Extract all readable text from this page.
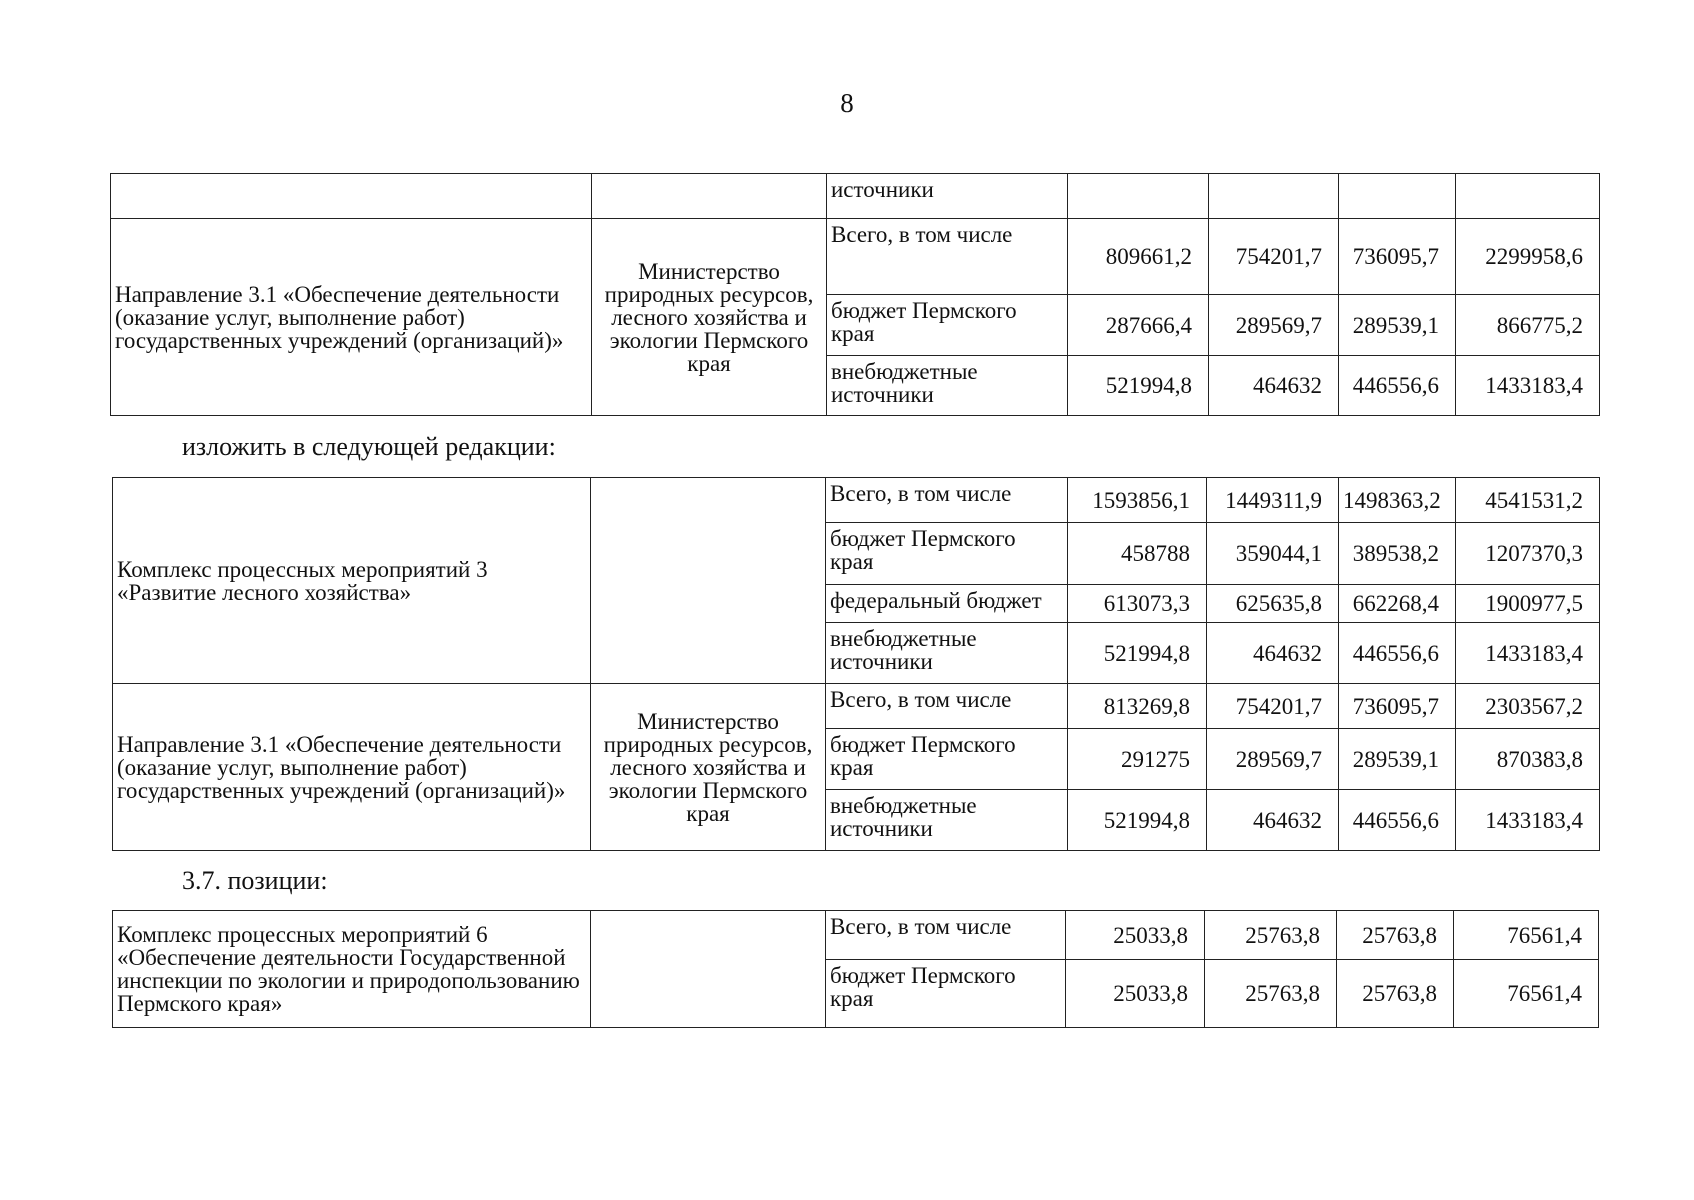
8
		источники				
Направление 3.1 «Обеспечение деятельности (оказание услуг, выполнение работ) государственных учреждений (организаций)»	Министерство природных ресурсов, лесного хозяйства и экологии Пермского края	Всего, в том числе	809661,2	754201,7	736095,7	2299958,6
		бюджет Пермского края	287666,4	289569,7	289539,1	866775,2
		внебюджетные источники	521994,8	464632	446556,6	1433183,4
изложить в следующей редакции:
Комплекс процессных мероприятий 3 «Развитие лесного хозяйства»		Всего, в том числе	1593856,1	1449311,9	1498363,2	4541531,2
		бюджет Пермского края	458788	359044,1	389538,2	1207370,3
		федеральный бюджет	613073,3	625635,8	662268,4	1900977,5
		внебюджетные источники	521994,8	464632	446556,6	1433183,4
Направление 3.1 «Обеспечение деятельности (оказание услуг, выполнение работ) государственных учреждений (организаций)»	Министерство природных ресурсов, лесного хозяйства и экологии Пермского края	Всего, в том числе	813269,8	754201,7	736095,7	2303567,2
		бюджет Пермского края	291275	289569,7	289539,1	870383,8
		внебюджетные источники	521994,8	464632	446556,6	1433183,4
3.7. позиции:
Комплекс процессных мероприятий 6 «Обеспечение деятельности Государственной инспекции по экологии и природопользованию Пермского края»		Всего, в том числе	25033,8	25763,8	25763,8	76561,4
		бюджет Пермского края	25033,8	25763,8	25763,8	76561,4
